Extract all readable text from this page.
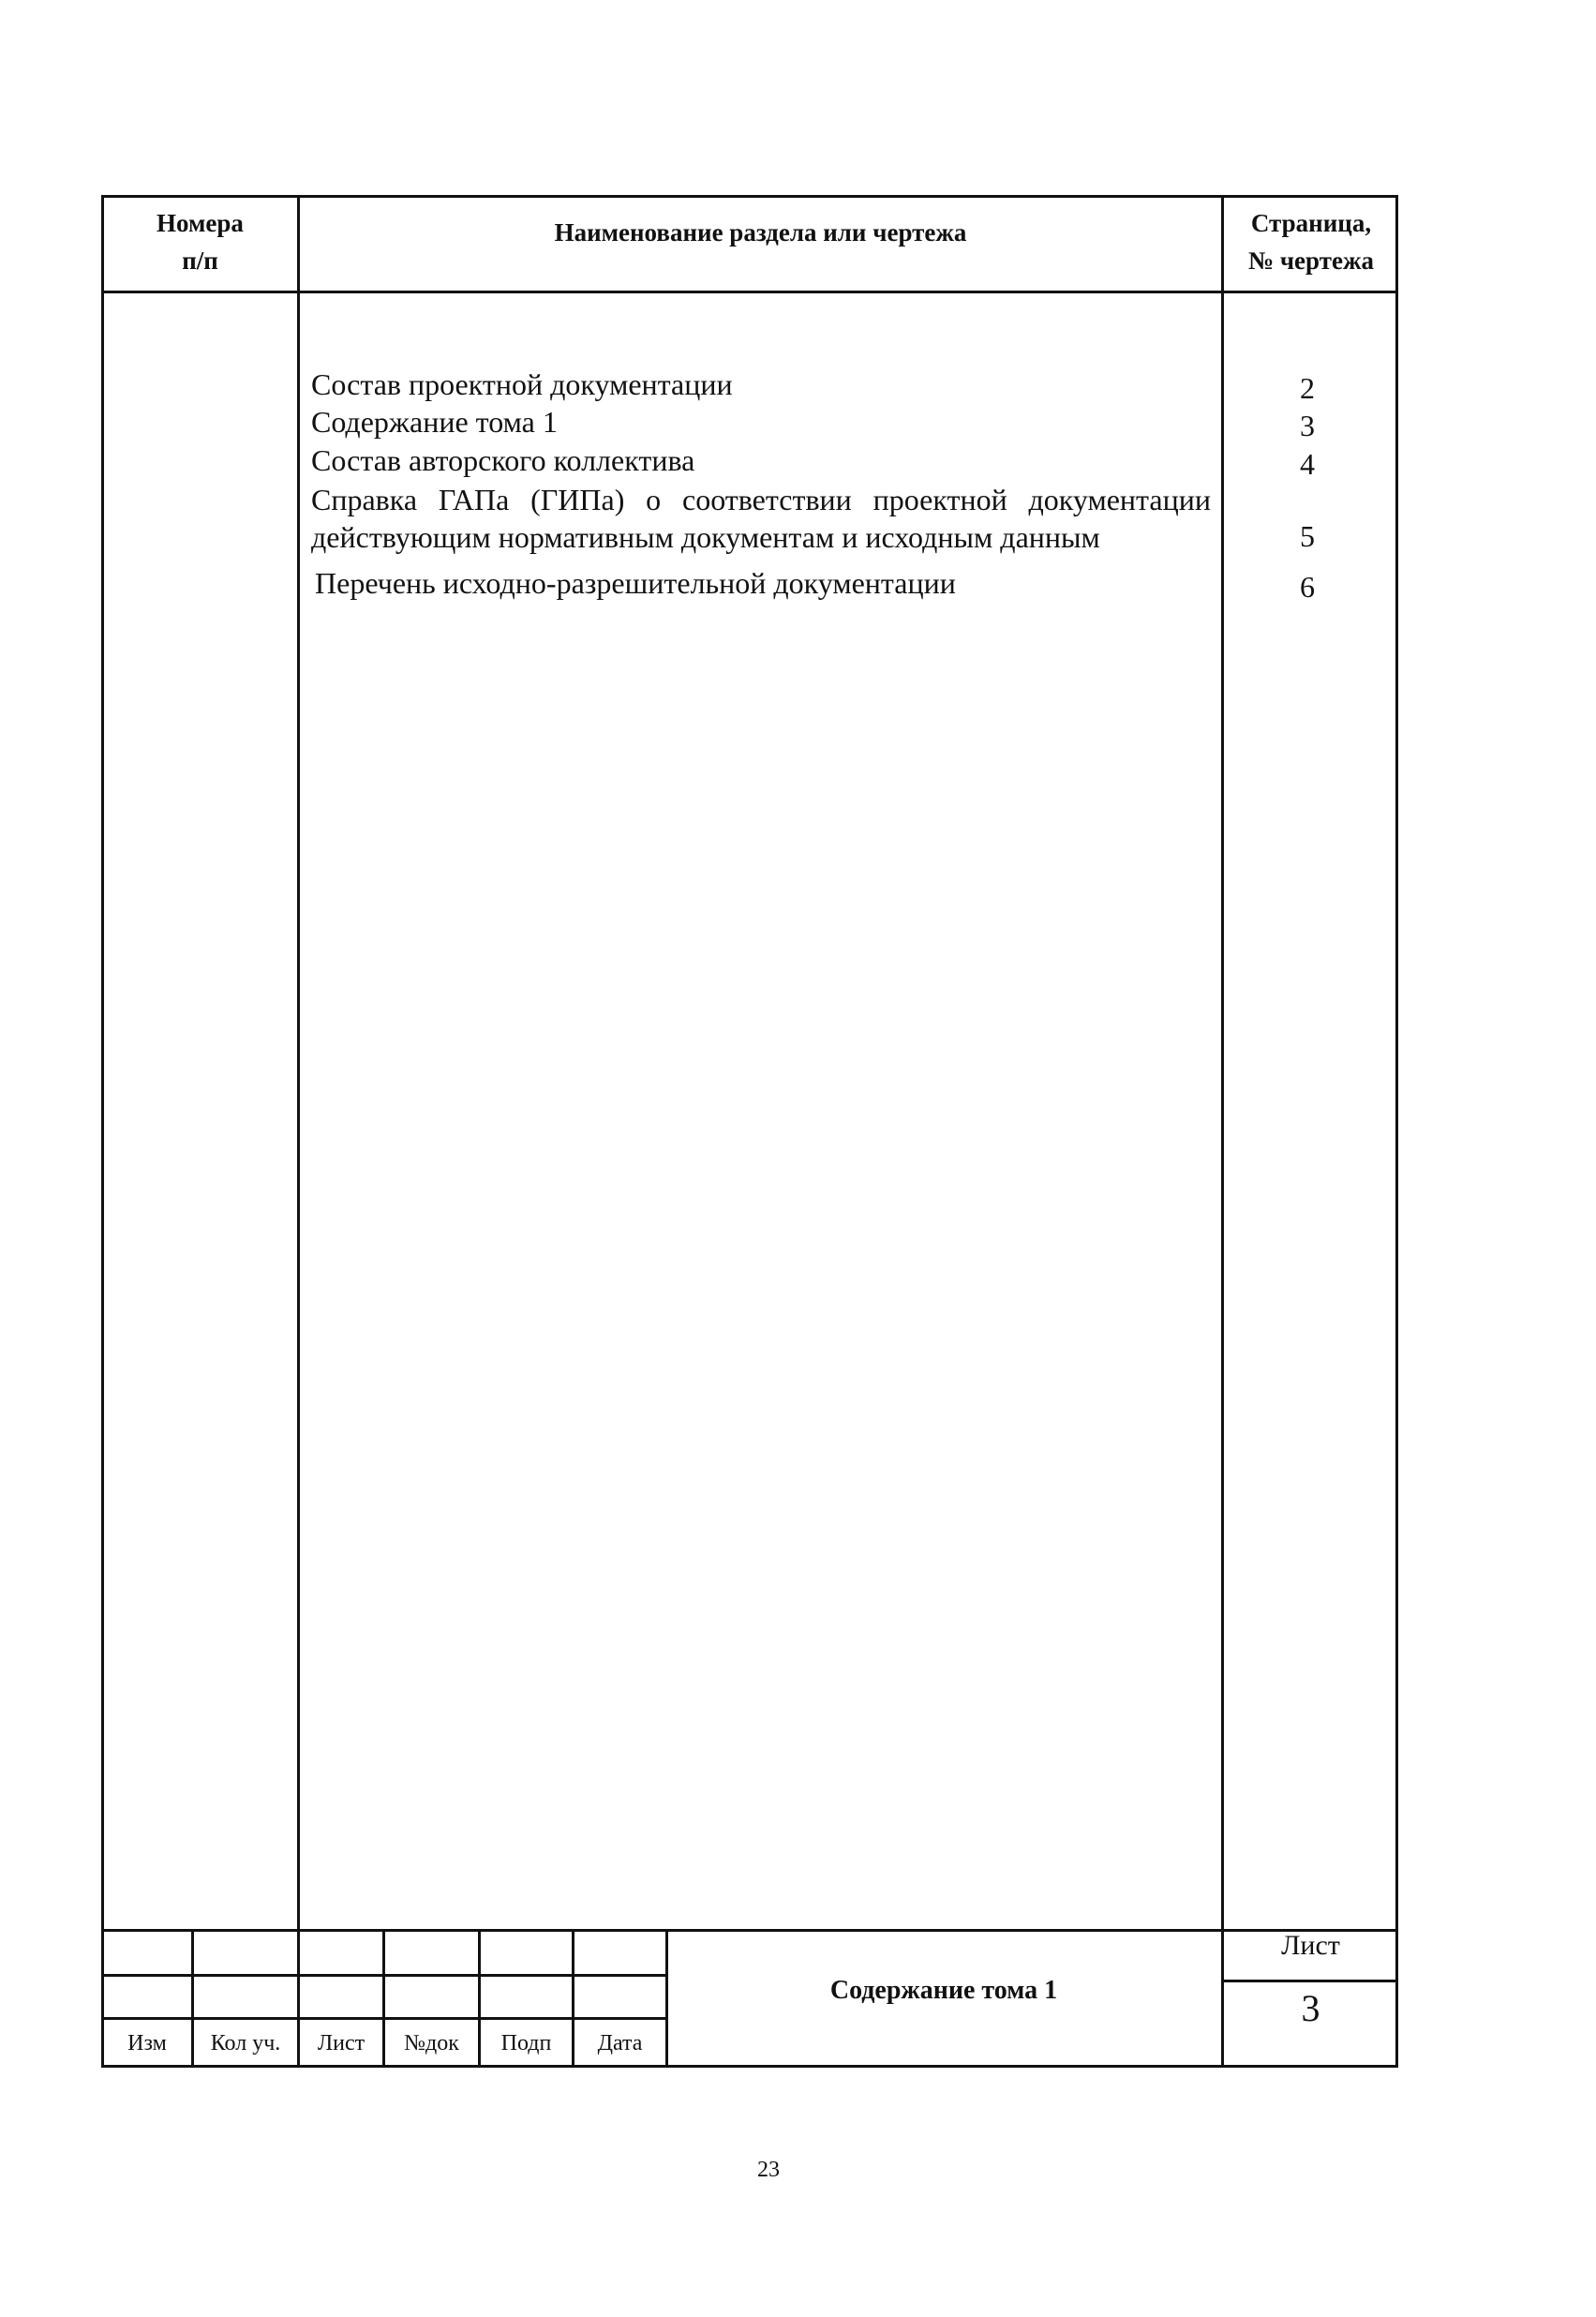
Номера
п/п
Наименование раздела или чертежа	Страница,
№ чертежа
Состав проектной документации	2
Содержание тома 1	3
Состав авторского коллектива	4
Справка ГАПа (ГИПа) о соответствии проектной документации
действующим нормативным документам и исходным данным	5
Перечень исходно-разрешительной документации	6
Изм	Кол уч.	Лист	№док	Подп	Дата
Содержание тома 1
Лист
3
23
